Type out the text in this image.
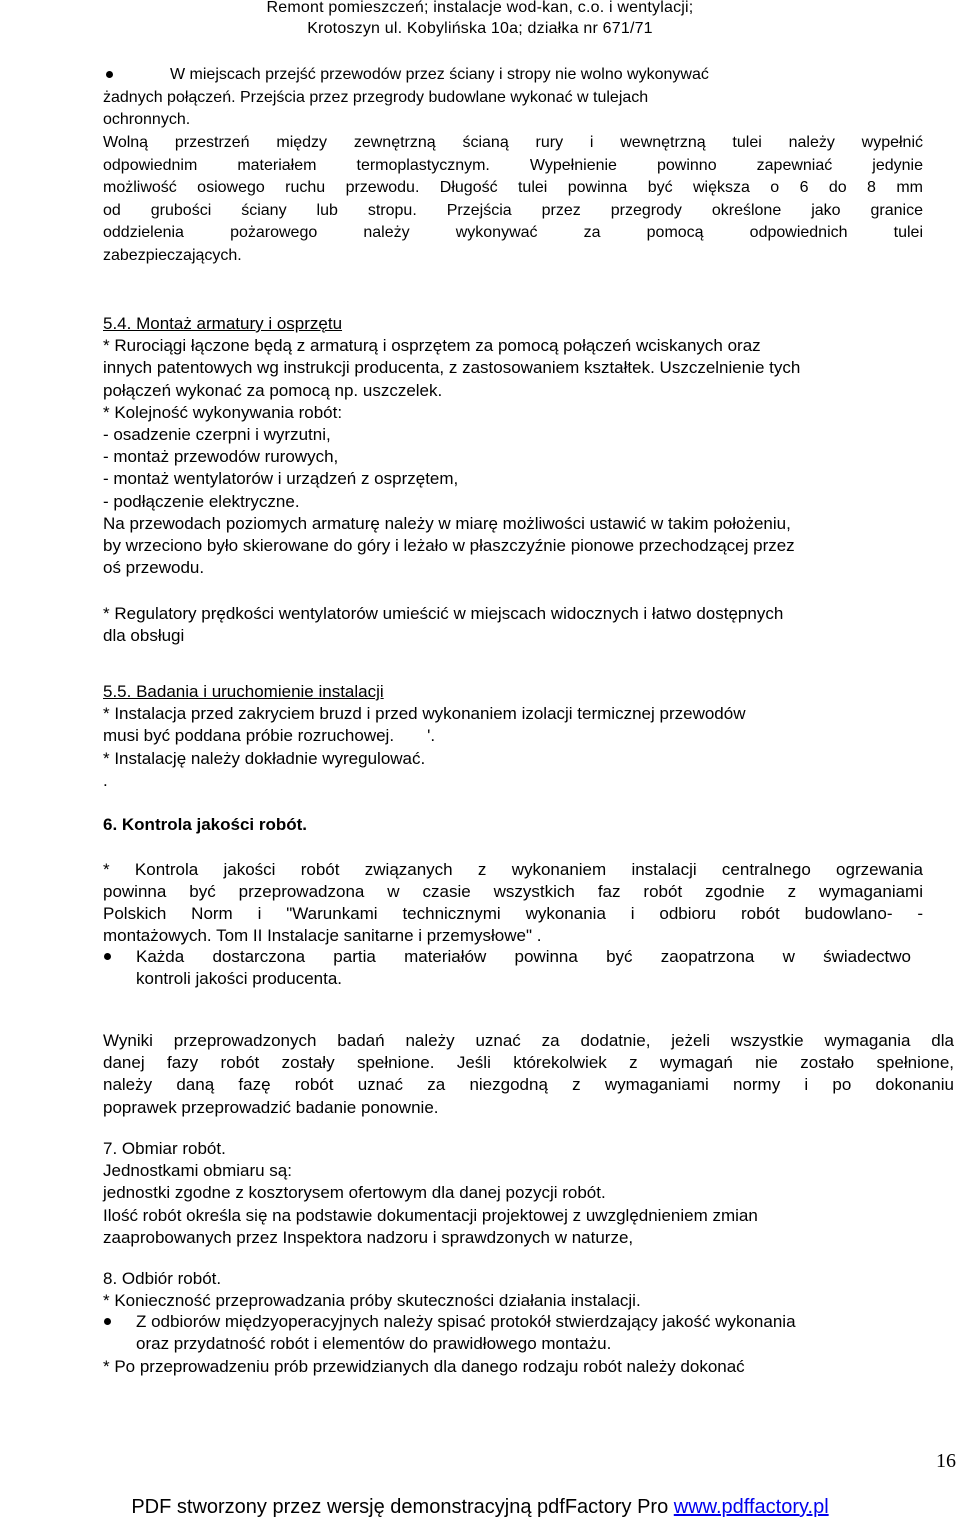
Remont pomieszczeń; instalacje wod-kan, c.o. i wentylacji;
Krotoszyn ul. Kobylińska 10a; działka nr 671/71
W miejscach przejść przewodów przez ściany i stropy nie wolno wykonywać
żadnych połączeń. Przejścia przez przegrody budowlane wykonać w tulejach
ochronnych.
Wolną przestrzeń między zewnętrzną ścianą rury i wewnętrzną tulei należy wypełnić
odpowiednim materiałem termoplastycznym. Wypełnienie powinno zapewniać jedynie
możliwość osiowego ruchu przewodu. Długość tulei powinna być większa o 6 do 8 mm
od grubości ściany lub stropu. Przejścia przez przegrody określone jako granice
oddzielenia pożarowego należy wykonywać za pomocą odpowiednich tulei
zabezpieczających.
5.4. Montaż armatury i osprzętu
* Rurociągi łączone będą z armaturą i osprzętem za pomocą połączeń wciskanych oraz
innych patentowych wg instrukcji producenta, z zastosowaniem kształtek. Uszczelnienie tych
połączeń wykonać za pomocą np. uszczelek.
* Kolejność wykonywania robót:
- osadzenie czerpni i wyrzutni,
- montaż przewodów rurowych,
- montaż wentylatorów i urządzeń z osprzętem,
- podłączenie elektryczne.
Na przewodach poziomych armaturę należy w miarę możliwości ustawić w takim położeniu,
by wrzeciono było skierowane do góry i leżało w płaszczyźnie pionowe przechodzącej przez
oś przewodu.
* Regulatory prędkości wentylatorów umieścić w miejscach widocznych i łatwo dostępnych
dla obsługi
5.5. Badania i uruchomienie instalacji
* Instalacja przed zakryciem bruzd i przed wykonaniem izolacji termicznej przewodów
musi być poddana próbie rozruchowej.       '.
* Instalację należy dokładnie wyregulować.
.
6. Kontrola jakości robót.
* Kontrola jakości robót związanych z wykonaniem instalacji centralnego ogrzewania
powinna być przeprowadzona w czasie wszystkich faz robót zgodnie z wymaganiami
Polskich Norm i "Warunkami technicznymi wykonania i odbioru robót budowlano- -
montażowych. Tom II Instalacje sanitarne i przemysłowe" .
Każda dostarczona partia materiałów powinna być zaopatrzona w świadectwo
kontroli jakości producenta.
Wyniki przeprowadzonych badań należy uznać za dodatnie, jeżeli wszystkie wymagania dla
danej fazy robót zostały spełnione. Jeśli którekolwiek z wymagań nie zostało spełnione,
należy daną fazę robót uznać za niezgodną z wymaganiami normy i po dokonaniu
poprawek przeprowadzić badanie ponownie.
7. Obmiar robót.
Jednostkami obmiaru są:
jednostki zgodne z kosztorysem ofertowym dla danej pozycji robót.
Ilość robót określa się na podstawie dokumentacji projektowej z uwzględnieniem zmian
zaaprobowanych przez Inspektora nadzoru i sprawdzonych w naturze,
8. Odbiór robót.
* Konieczność przeprowadzania próby skuteczności działania instalacji.
Z odbiorów międzyoperacyjnych należy spisać protokół stwierdzający jakość wykonania
oraz przydatność robót i elementów do prawidłowego montażu.
* Po przeprowadzeniu prób przewidzianych dla danego rodzaju robót należy dokonać
16
PDF stworzony przez wersję demonstracyjną pdfFactory Pro www.pdffactory.pl
